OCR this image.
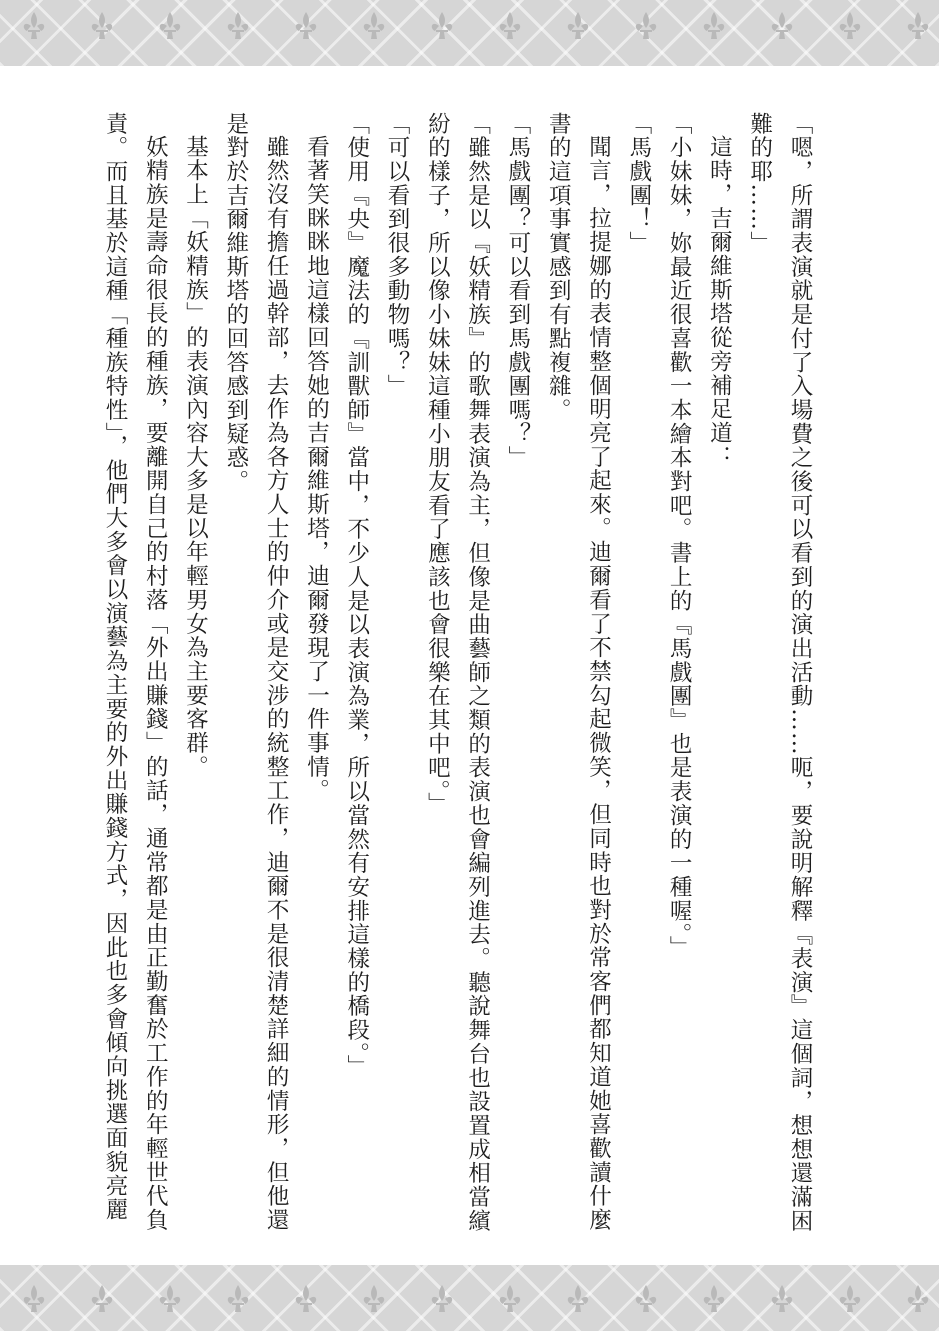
「嗯，所謂表演就是付了入場費之後可以看到的演出活動……呃，要說明解釋『表演』這個詞，想想還滿困難的耶……」

這時，吉爾維斯塔從旁補足道：

「小妹妹，妳最近很喜歡一本繪本對吧。書上的『馬戲團』也是表演的一種喔。」

「馬戲團！」

聞言，拉提娜的表情整個明亮了起來。迪爾看了不禁勾起微笑，但同時也對於常客們都知道她喜歡讀什麼書的這項事實感到有點複雜。

「馬戲團？可以看到馬戲團嗎？」

「雖然是以『妖精族』的歌舞表演為主，但像是曲藝師之類的表演也會編列進去。聽說舞台也設置成相當繽紛的樣子，所以像小妹妹這種小朋友看了應該也會很樂在其中吧。」

「可以看到很多動物嗎？」

「使用『央』魔法的『訓獸師』當中，不少人是以表演為業，所以當然有安排這樣的橋段。」

看著笑眯眯地這樣回答她的吉爾維斯塔，迪爾發現了一件事情。

雖然沒有擔任過幹部，去作為各方人士的仲介或是交涉的統整工作，迪爾不是很清楚詳細的情形，但他還是對於吉爾維斯塔的回答感到疑惑。

基本上「妖精族」的表演內容大多是以年輕男女為主要客群。

妖精族是壽命很長的種族，要離開自己的村落「外出賺錢」的話，通常都是由正勤奮於工作的年輕世代負責。而且基於這種「種族特性」，他們大多會以演藝為主要的外出賺錢方式，因此也多會傾向挑選面貌亮麗
